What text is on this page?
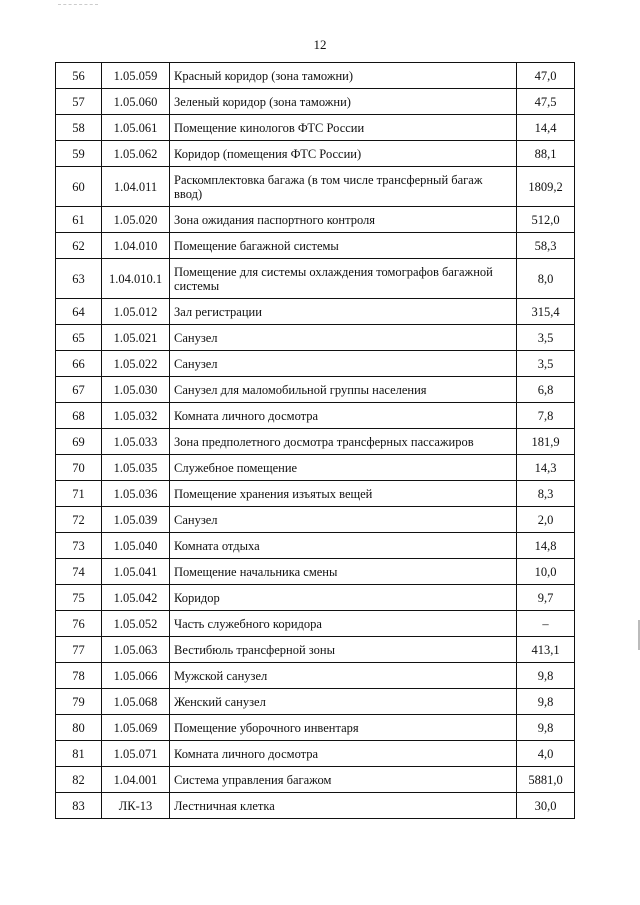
12
56	1.05.059	Красный коридор (зона таможни)	47,0
57	1.05.060	Зеленый коридор (зона таможни)	47,5
58	1.05.061	Помещение кинологов ФТС России	14,4
59	1.05.062	Коридор (помещения ФТС России)	88,1
60	1.04.011	Раскомплектовка багажа (в том числе трансферный багаж ввод)	1809,2
61	1.05.020	Зона ожидания паспортного контроля	512,0
62	1.04.010	Помещение багажной системы	58,3
63	1.04.010.1	Помещение для системы охлаждения томографов багажной системы	8,0
64	1.05.012	Зал регистрации	315,4
65	1.05.021	Санузел	3,5
66	1.05.022	Санузел	3,5
67	1.05.030	Санузел для маломобильной группы населения	6,8
68	1.05.032	Комната личного досмотра	7,8
69	1.05.033	Зона предполетного досмотра трансферных пассажиров	181,9
70	1.05.035	Служебное помещение	14,3
71	1.05.036	Помещение хранения изъятых вещей	8,3
72	1.05.039	Санузел	2,0
73	1.05.040	Комната отдыха	14,8
74	1.05.041	Помещение начальника смены	10,0
75	1.05.042	Коридор	9,7
76	1.05.052	Часть служебного коридора	–
77	1.05.063	Вестибюль трансферной зоны	413,1
78	1.05.066	Мужской санузел	9,8
79	1.05.068	Женский санузел	9,8
80	1.05.069	Помещение уборочного инвентаря	9,8
81	1.05.071	Комната личного досмотра	4,0
82	1.04.001	Система управления багажом	5881,0
83	ЛК-13	Лестничная клетка	30,0
